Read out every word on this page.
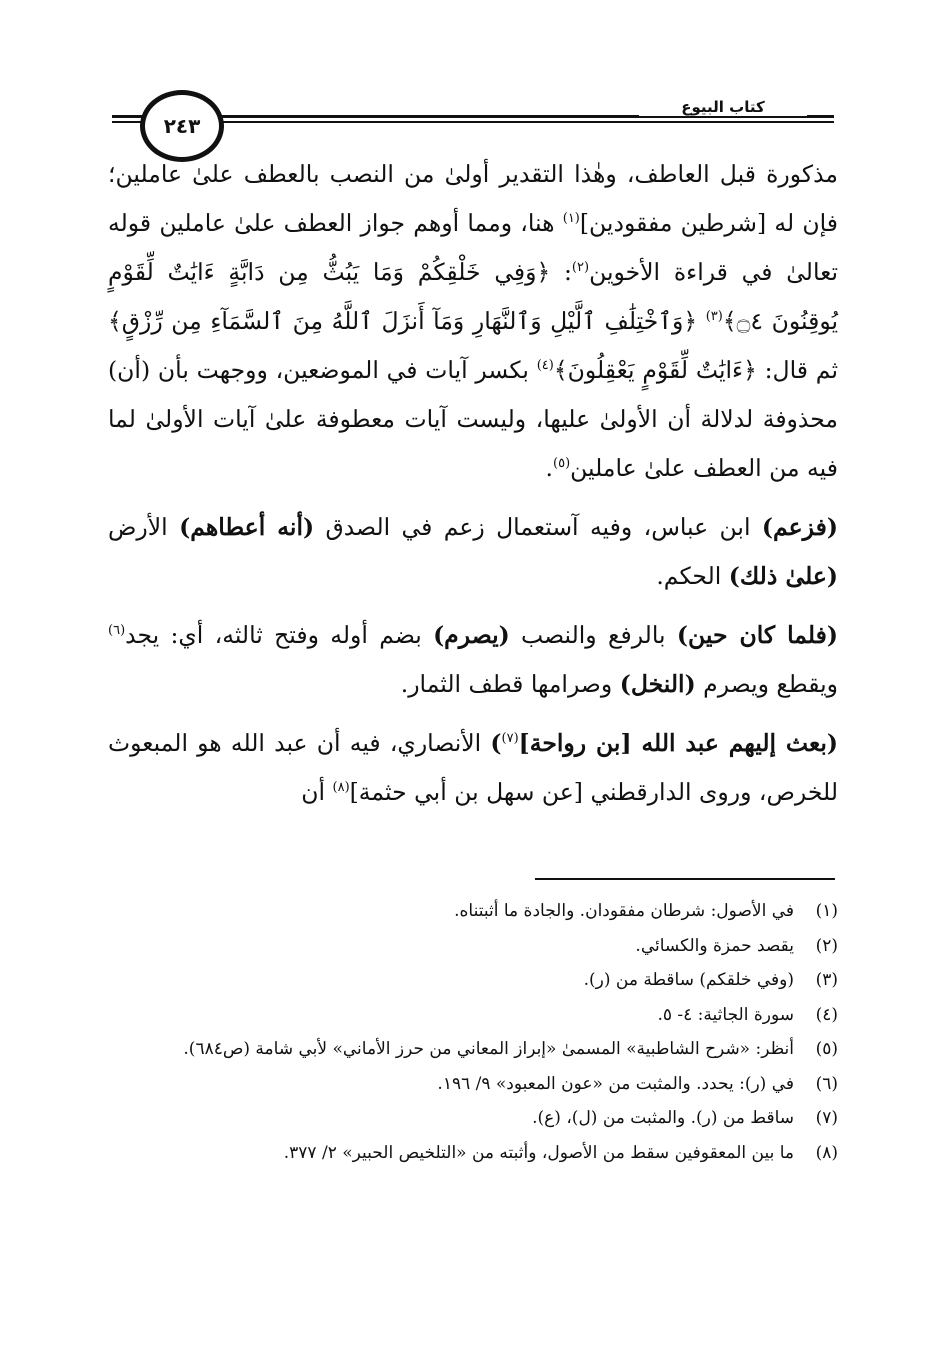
كتاب البيوع
٢٤٣

مذكورة قبل العاطف، وهٰذا التقدير أولىٰ من النصب بالعطف علىٰ عاملين؛ فإن له [شرطين مفقودين]$^{(١)}$ هنا، ومما أوهم جواز العطف علىٰ عاملين قوله تعالىٰ في قراءة الأخوين$^{(٢)}$: ﴿وَفِي خَلْقِكُمْ وَمَا يَبُثُّ مِن دَابَّةٍ ءَايَٰتٌ لِّقَوْمٍ يُوقِنُونَ ۝٤﴾$^{(٣)}$ ﴿وَٱخْتِلَٰفِ ٱلَّيْلِ وَٱلنَّهَارِ وَمَآ أَنزَلَ ٱللَّهُ مِنَ ٱلسَّمَآءِ مِن رِّزْقٍ﴾ ثم قال: ﴿ءَايَٰتٌ لِّقَوْمٍ يَعْقِلُونَ﴾$^{(٤)}$ بكسر آيات في الموضعين، ووجهت بأن (أن) محذوفة لدلالة أن الأولىٰ عليها، وليست آيات معطوفة علىٰ آيات الأولىٰ لما فيه من العطف علىٰ عاملين$^{(٥)}$.

(فزعم) ابن عباس، وفيه آستعمال زعم في الصدق (أنه أعطاهم) الأرض (علىٰ ذلك) الحكم.

(فلما كان حين) بالرفع والنصب (يصرم) بضم أوله وفتح ثالثه، أي: يجد$^{(٦)}$ ويقطع ويصرم (النخل) وصرامها قطف الثمار.

(بعث إليهم عبد الله [بن رواحة]$^{(٧)}$) الأنصاري، فيه أن عبد الله هو المبعوث للخرص، وروى الدارقطني [عن سهل بن أبي حثمة]$^{(٨)}$ أن

(١)
في الأصول: شرطان مفقودان. والجادة ما أثبتناه.
(٢)
يقصد حمزة والكسائي.
(٣)
(وفي خلقكم) ساقطة من (ر).
(٤)
سورة الجاثية: ٤- ٥.
(٥)
أنظر: «شرح الشاطبية» المسمىٰ «إبراز المعاني من حرز الأماني» لأبي شامة (ص٦٨٤).
(٦)
في (ر): يحدد. والمثبت من «عون المعبود» ٩/ ١٩٦.
(٧)
ساقط من (ر). والمثبت من (ل)، (ع).
(٨)
ما بين المعقوفين سقط من الأصول، وأثبته من «التلخيص الحبير» ٢/ ٣٧٧.
